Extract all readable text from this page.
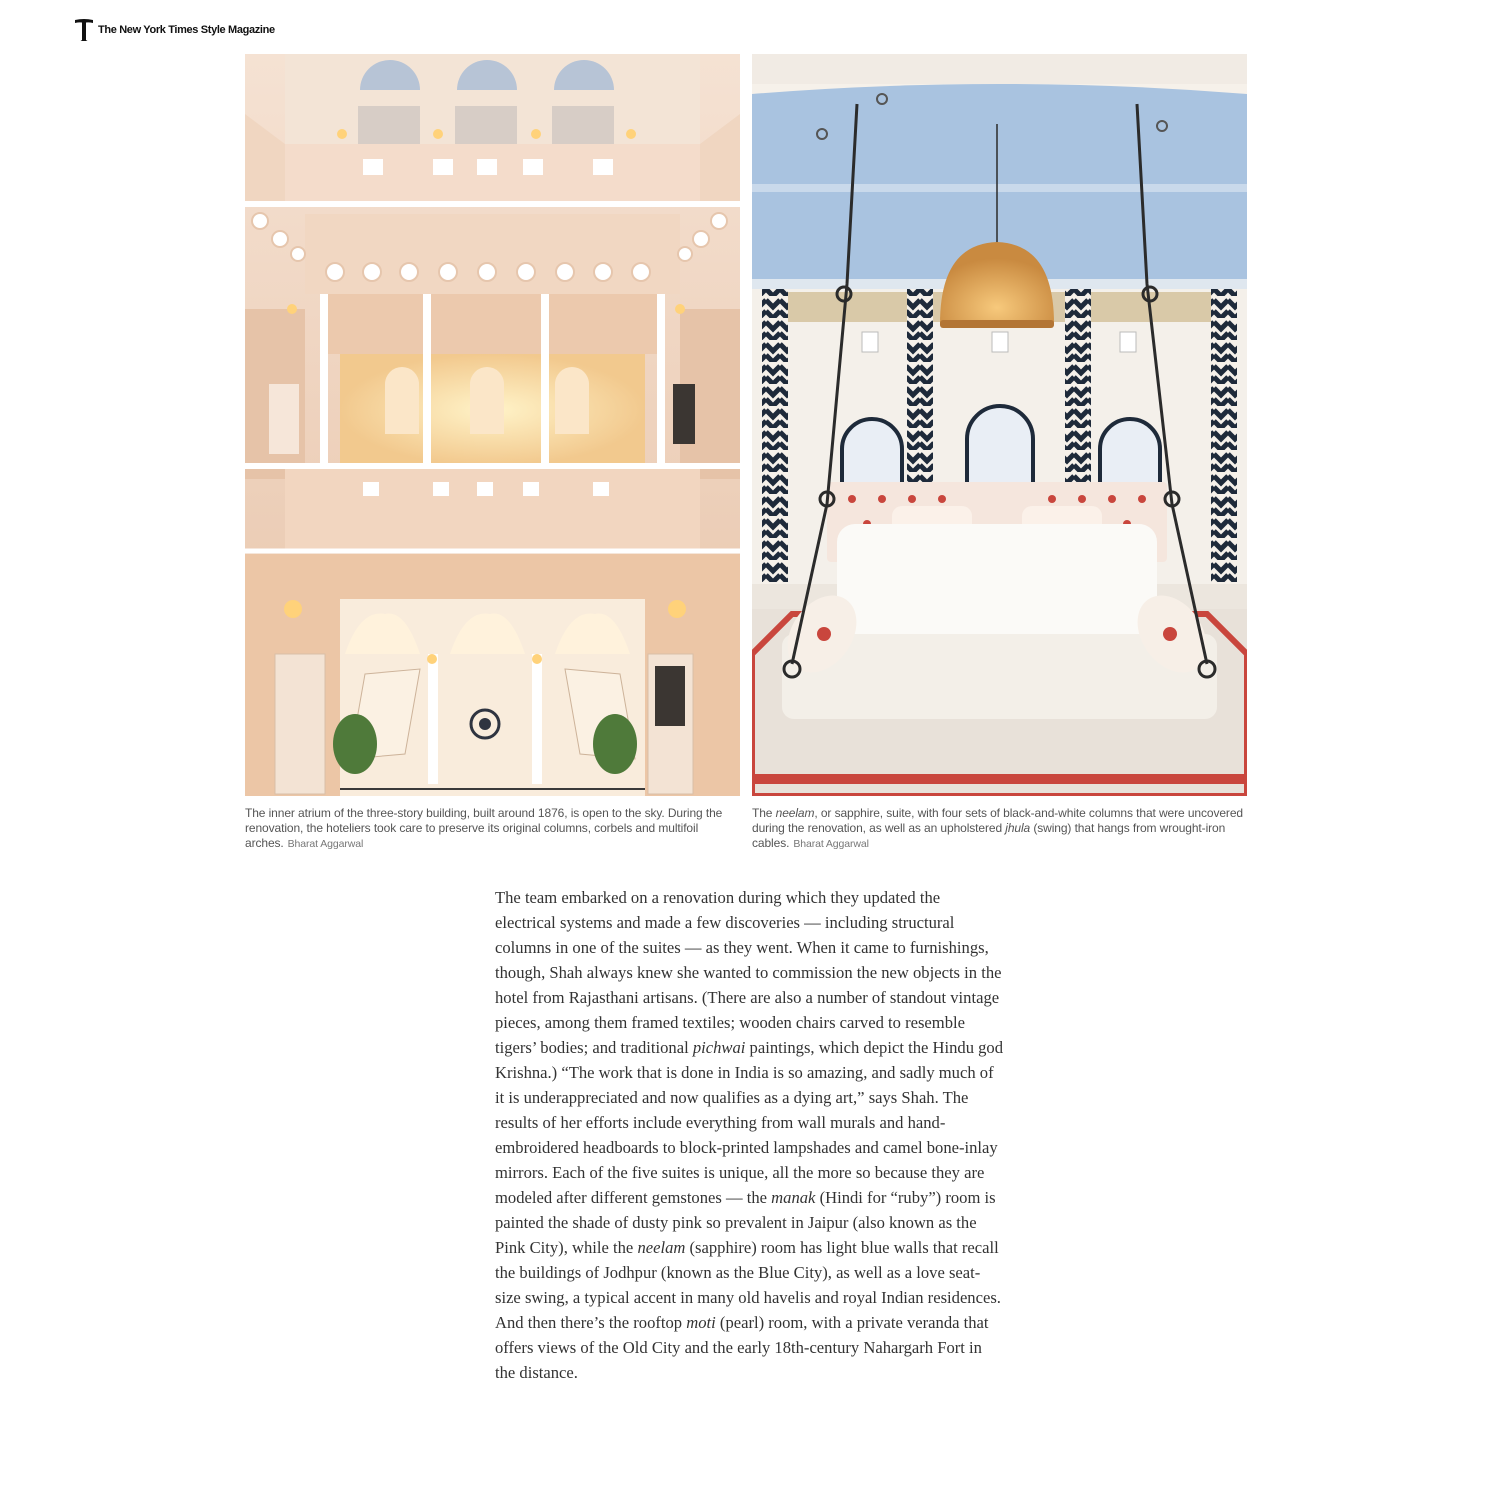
The New York Times Style Magazine
The inner atrium of the three-story building, built around 1876, is open to the sky. During the renovation, the hoteliers took care to preserve its original columns, corbels and multifoil arches. Bharat Aggarwal
The neelam, or sapphire, suite, with four sets of black-and-white columns that were uncovered during the renovation, as well as an upholstered jhula (swing) that hangs from wrought-iron cables. Bharat Aggarwal

The team embarked on a renovation during which they updated the electrical systems and made a few discoveries — including structural columns in one of the suites — as they went. When it came to furnishings, though, Shah always knew she wanted to commission the new objects in the hotel from Rajasthani artisans. (There are also a number of standout vintage pieces, among them framed textiles; wooden chairs carved to resemble tigers’ bodies; and traditional pichwai paintings, which depict the Hindu god Krishna.) “The work that is done in India is so amazing, and sadly much of it is underappreciated and now qualifies as a dying art,” says Shah. The results of her efforts include everything from wall murals and hand-embroidered headboards to block-printed lampshades and camel bone-inlay mirrors. Each of the five suites is unique, all the more so because they are modeled after different gemstones — the manak (Hindi for “ruby”) room is painted the shade of dusty pink so prevalent in Jaipur (also known as the Pink City), while the neelam (sapphire) room has light blue walls that recall the buildings of Jodhpur (known as the Blue City), as well as a love seat-size swing, a typical accent in many old havelis and royal Indian residences. And then there’s the rooftop moti (pearl) room, with a private veranda that offers views of the Old City and the early 18th-century Nahargarh Fort in the distance.
